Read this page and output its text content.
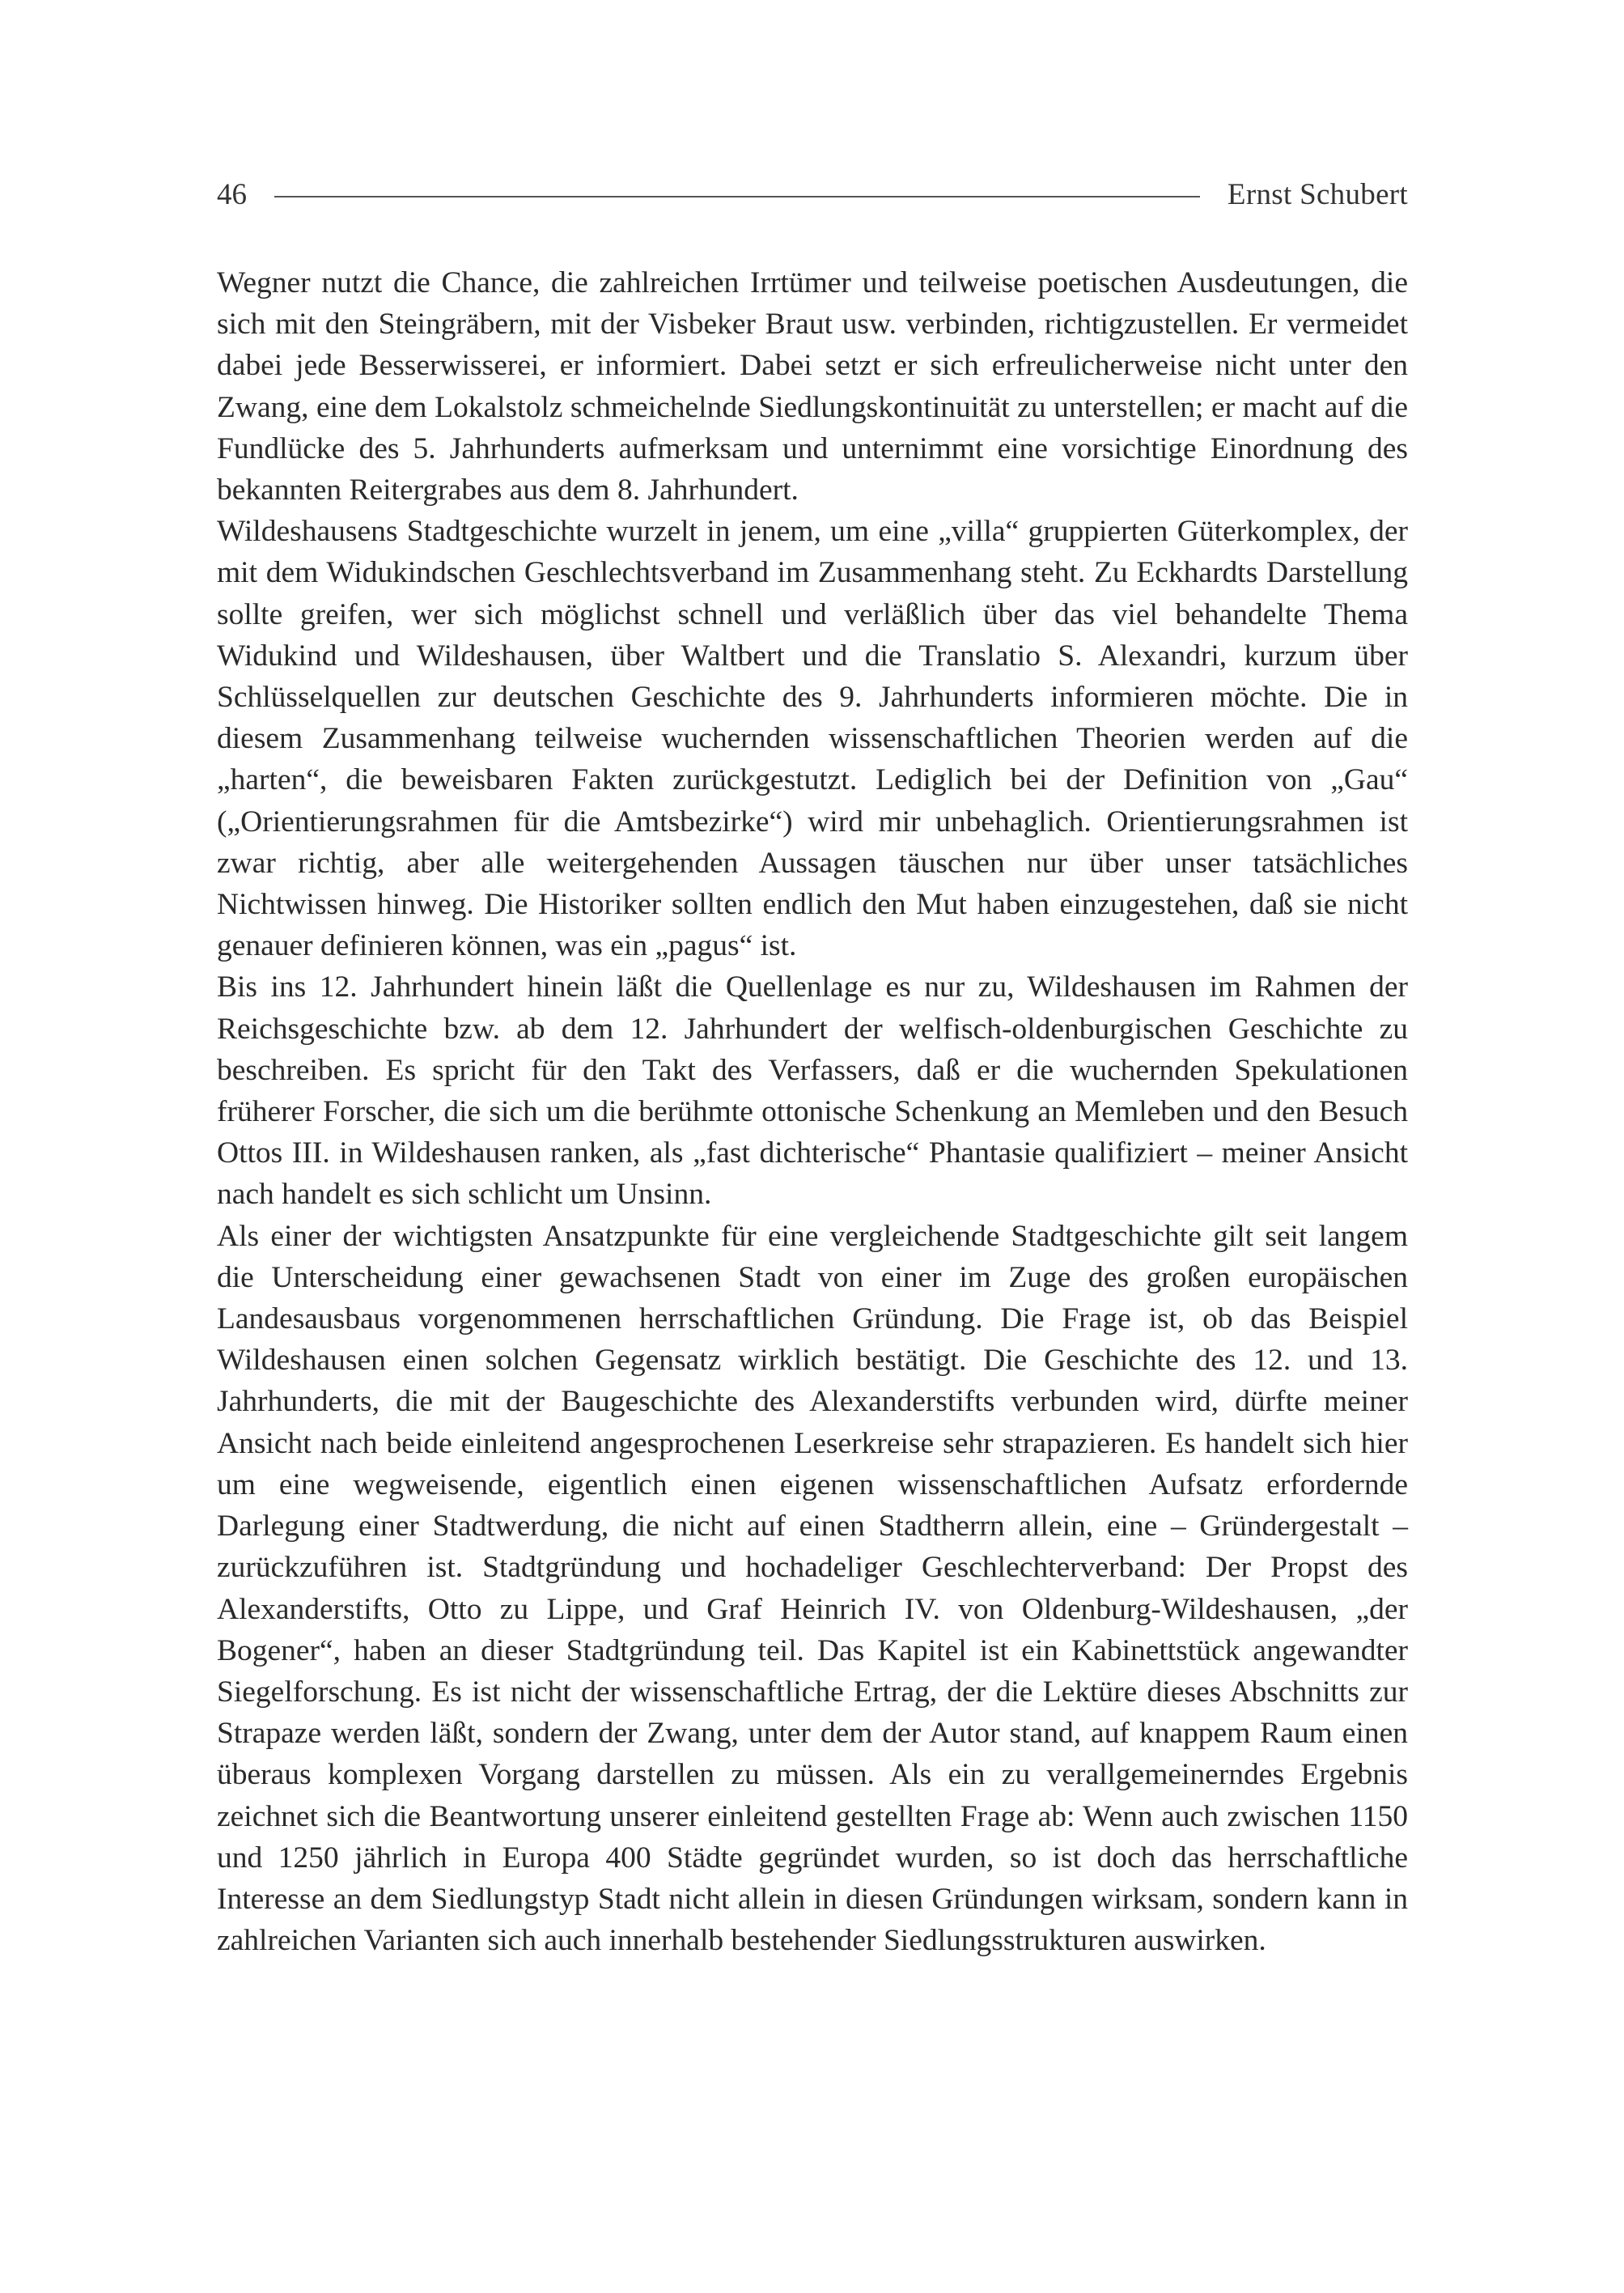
46	Ernst Schubert

Wegner nutzt die Chance, die zahlreichen Irrtümer und teilweise poetischen Ausdeutungen, die sich mit den Steingräbern, mit der Visbeker Braut usw. verbinden, richtigzustellen. Er vermeidet dabei jede Besserwisserei, er informiert. Dabei setzt er sich erfreulicherweise nicht unter den Zwang, eine dem Lokalstolz schmeichelnde Siedlungskontinuität zu unterstellen; er macht auf die Fundlücke des 5. Jahrhunderts aufmerksam und unternimmt eine vorsichtige Einordnung des bekannten Reitergrabes aus dem 8. Jahrhundert.

Wildeshausens Stadtgeschichte wurzelt in jenem, um eine „villa“ gruppierten Güterkomplex, der mit dem Widukindschen Geschlechtsverband im Zusammenhang steht. Zu Eckhardts Darstellung sollte greifen, wer sich möglichst schnell und verläßlich über das viel behandelte Thema Widukind und Wildeshausen, über Waltbert und die Translatio S. Alexandri, kurzum über Schlüsselquellen zur deutschen Geschichte des 9. Jahrhunderts informieren möchte. Die in diesem Zusammenhang teilweise wuchernden wissenschaftlichen Theorien werden auf die „harten“, die beweisbaren Fakten zurückgestutzt. Lediglich bei der Definition von „Gau“ („Orientierungsrahmen für die Amtsbezirke“) wird mir unbehaglich. Orientierungsrahmen ist zwar richtig, aber alle weitergehenden Aussagen täuschen nur über unser tatsächliches Nichtwissen hinweg. Die Historiker sollten endlich den Mut haben einzugestehen, daß sie nicht genauer definieren können, was ein „pagus“ ist.

Bis ins 12. Jahrhundert hinein läßt die Quellenlage es nur zu, Wildeshausen im Rahmen der Reichsgeschichte bzw. ab dem 12. Jahrhundert der welfisch-oldenburgischen Geschichte zu beschreiben. Es spricht für den Takt des Verfassers, daß er die wuchernden Spekulationen früherer Forscher, die sich um die berühmte ottonische Schenkung an Memleben und den Besuch Ottos III. in Wildeshausen ranken, als „fast dichterische“ Phantasie qualifiziert – meiner Ansicht nach handelt es sich schlicht um Unsinn.

Als einer der wichtigsten Ansatzpunkte für eine vergleichende Stadtgeschichte gilt seit langem die Unterscheidung einer gewachsenen Stadt von einer im Zuge des großen europäischen Landesausbaus vorgenommenen herrschaftlichen Gründung. Die Frage ist, ob das Beispiel Wildeshausen einen solchen Gegensatz wirklich bestätigt. Die Geschichte des 12. und 13. Jahrhunderts, die mit der Baugeschichte des Alexanderstifts verbunden wird, dürfte meiner Ansicht nach beide einleitend angesprochenen Leserkreise sehr strapazieren. Es handelt sich hier um eine wegweisende, eigentlich einen eigenen wissenschaftlichen Aufsatz erfordernde Darlegung einer Stadtwerdung, die nicht auf einen Stadtherrn allein, eine – Gründergestalt – zurückzuführen ist. Stadtgründung und hochadeliger Geschlechterverband: Der Propst des Alexanderstifts, Otto zu Lippe, und Graf Heinrich IV. von Oldenburg-Wildeshausen, „der Bogener“, haben an dieser Stadtgründung teil. Das Kapitel ist ein Kabinettstück angewandter Siegelforschung. Es ist nicht der wissenschaftliche Ertrag, der die Lektüre dieses Abschnitts zur Strapaze werden läßt, sondern der Zwang, unter dem der Autor stand, auf knappem Raum einen überaus komplexen Vorgang darstellen zu müssen. Als ein zu verallgemeinerndes Ergebnis zeichnet sich die Beantwortung unserer einleitend gestellten Frage ab: Wenn auch zwischen 1150 und 1250 jährlich in Europa 400 Städte gegründet wurden, so ist doch das herrschaftliche Interesse an dem Siedlungstyp Stadt nicht allein in diesen Gründungen wirksam, sondern kann in zahlreichen Varianten sich auch innerhalb bestehender Siedlungsstrukturen auswirken.
